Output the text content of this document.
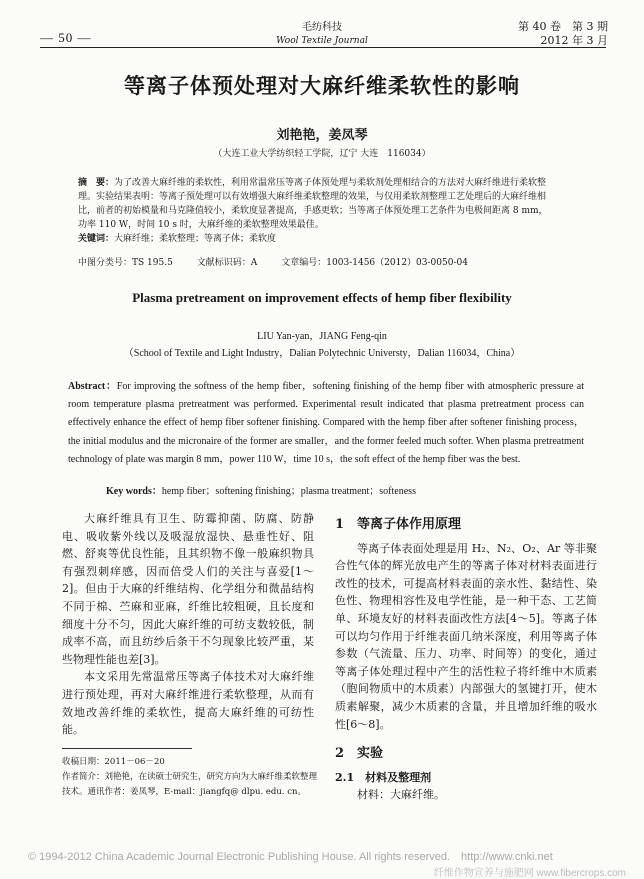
— 50 —
毛纺科技
Wool Textile Journal
第 40 卷　第 3 期
2012 年 3 月
等离子体预处理对大麻纤维柔软性的影响
刘艳艳，姜凤琴
（大连工业大学纺织轻工学院，辽宁 大连　116034）
摘　要：为了改善大麻纤维的柔软性，利用常温常压等离子体预处理与柔软剂处理相结合的方法对大麻纤维进行柔软整理。实验结果表明：等离子预处理可以有效增强大麻纤维柔软整理的效果，与仅用柔软剂整理工艺处理后的大麻纤维相比，前者的初始模量和马克隆值较小，柔软度显著提高，手感更软；当等离子体预处理工艺条件为电极间距离 8 mm，功率 110 W，时间 10 s 时，大麻纤维的柔软整理效果最佳。
关键词：大麻纤维；柔软整理；等离子体；柔软度
中图分类号：TS 195.5	文献标识码：A	文章编号：1003-1456（2012）03-0050-04
Plasma pretreament on improvement effects of hemp fiber flexibility
LIU Yan-yan，JIANG Feng-qin
（School of Textile and Light Industry，Dalian Polytechnic Universty，Dalian 116034，China）
Abstract：For improving the softness of the hemp fiber，softening finishing of the hemp fiber with atmospheric pressure at room temperature plasma pretreatment was performed. Experimental result indicated that plasma pretreatment process can effectively enhance the effect of hemp fiber softener finishing. Compared with the hemp fiber after softener finishing process，the initial modulus and the micronaire of the former are smaller，and the former feeled much softer. When plasma pretreatment technology of plate was margin 8 mm，power 110 W，time 10 s，the soft effect of the hemp fiber was the best.
Key words：hemp fiber；softening finishing；plasma treatment；softeness

大麻纤维具有卫生、防霉抑菌、防腐、防静电、吸收紫外线以及吸湿放湿快、悬垂性好、阻燃、舒爽等优良性能，且其织物不像一般麻织物具有强烈刺痒感，因而倍受人们的关注与喜爱[1～2]。但由于大麻的纤维结构、化学组分和微晶结构不同于棉、苎麻和亚麻，纤维比较粗硬，且长度和细度十分不匀，因此大麻纤维的可纺支数较低，制成率不高，而且纺纱后条干不匀现象比较严重，某些物理性能也差[3]。

本文采用先常温常压等离子体技术对大麻纤维进行预处理，再对大麻纤维进行柔软整理，从而有效地改善纤维的柔软性，提高大麻纤维的可纺性能。

收稿日期：2011－06－20
作者简介：刘艳艳，在读硕士研究生，研究方向为大麻纤维柔软整理技术。通讯作者：姜凤琴，E-mail：jiangfq@ dlpu. edu. cn。
1　等离子体作用原理

等离子体表面处理是用 H₂、N₂、O₂、Ar 等非聚合性气体的辉光放电产生的等离子体对材料表面进行改性的技术，可提高材料表面的亲水性、黏结性、染色性、物理相容性及电学性能，是一种干态、工艺简单、环境友好的材料表面改性方法[4～5]。等离子体可以均匀作用于纤维表面几纳米深度，利用等离子体参数（气流量、压力、功率、时间等）的变化，通过等离子体处理过程中产生的活性粒子将纤维中木质素（胞间物质中的木质素）内部强大的氢键打开，使木质素解聚，减少木质素的含量，并且增加纤维的吸水性[6～8]。

2　实验
2.1　材料及整理剂

材料：大麻纤维。

© 1994-2012 China Academic Journal Electronic Publishing House. All rights reserved.　http://www.cnki.net
纤维作物宣养与施肥网 www.fibercrops.com
